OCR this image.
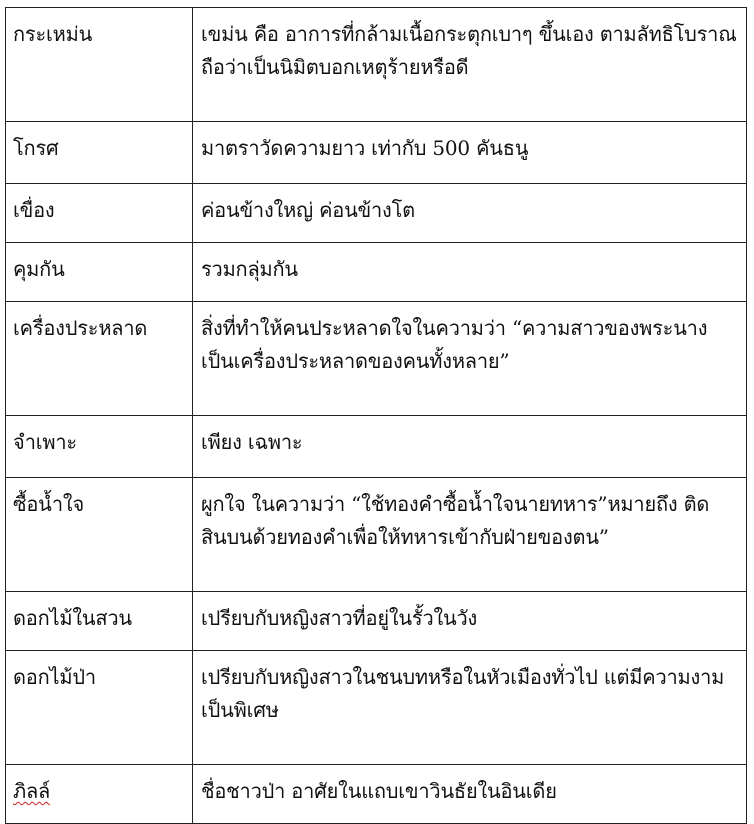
กระเหม่น	เขม่น คือ อาการที่กล้ามเนื้อกระตุกเบาๆ ขึ้นเอง ตามลัทธิโบราณถือว่าเป็นนิมิตบอกเหตุร้ายหรือดี
โกรศ	มาตราวัดความยาว เท่ากับ 500 คันธนู
เขื่อง	ค่อนข้างใหญ่ ค่อนข้างโต
คุมกัน	รวมกลุ่มกัน
เครื่องประหลาด	สิ่งที่ทำให้คนประหลาดใจในความว่า “ความสาวของพระนางเป็นเครื่องประหลาดของคนทั้งหลาย”
จำเพาะ	เพียง เฉพาะ
ซื้อน้ำใจ	ผูกใจ ในความว่า “ใช้ทองคำซื้อน้ำใจนายทหาร”หมายถึง ติดสินบนด้วยทองคำเพื่อให้ทหารเข้ากับฝ่ายของตน”
ดอกไม้ในสวน	เปรียบกับหญิงสาวที่อยู่ในรั้วในวัง
ดอกไม้ป่า	เปรียบกับหญิงสาวในชนบทหรือในหัวเมืองทั่วไป แต่มีความงามเป็นพิเศษ
ภิลล์	ชื่อชาวป่า อาศัยในแถบเขาวินธัยในอินเดีย
